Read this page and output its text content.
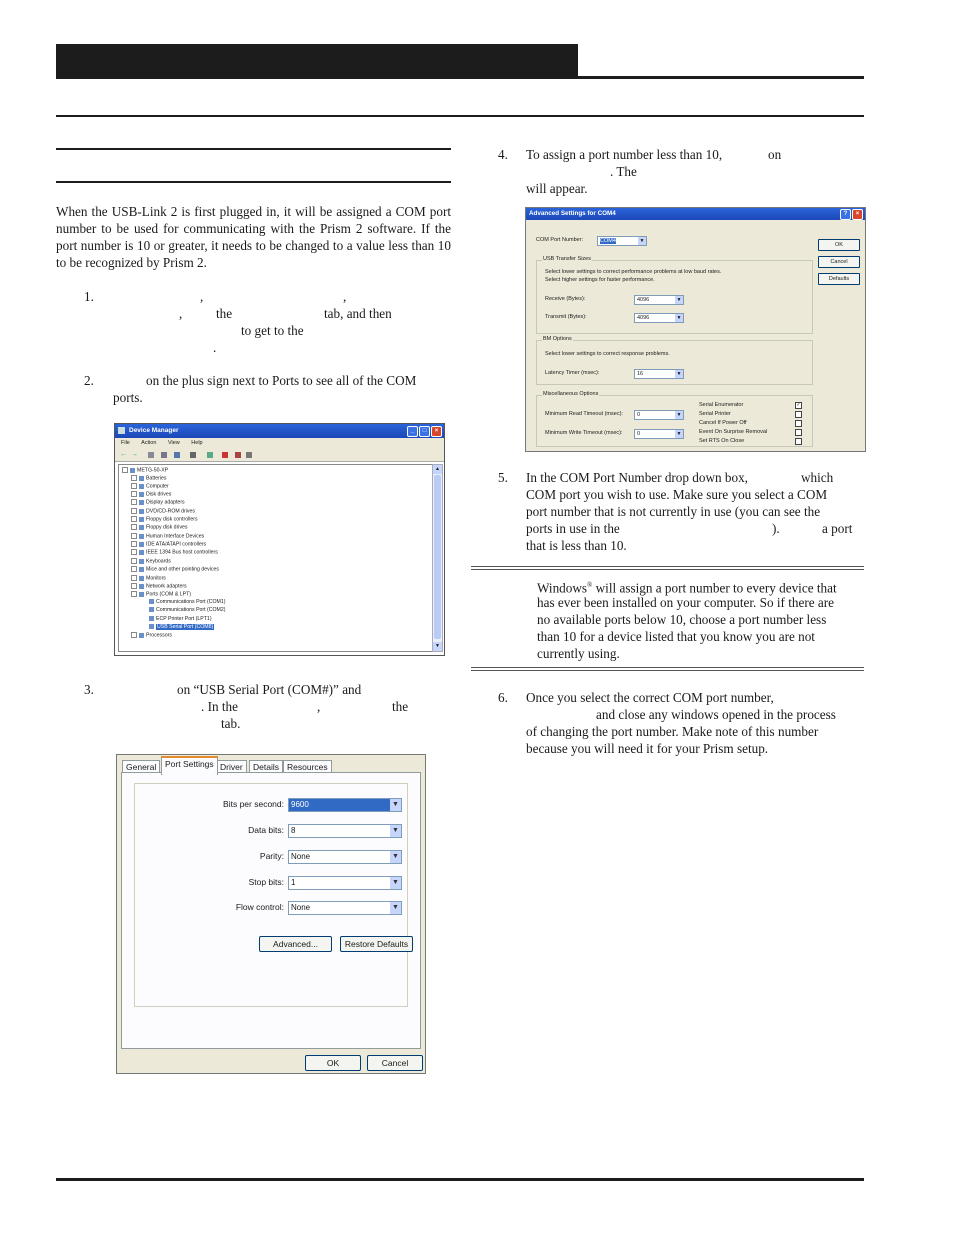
When the USB-Link 2 is first plugged in, it will be assigned a COM port number to be used for communicating with the Prism 2 software. If the port number is 10 or greater, it needs to be changed to a value less than 10 to be recognized by Prism 2.
1.	,	,
,	the	tab, and then
to get to the
.
2.	on the plus sign next to Ports to see all of the COM
ports.
Device Manager	_	□	×
File Action View Help
← →
METG-50-XP
Batteries
Computer
Disk drives
Display adapters
DVD/CD-ROM drives
Floppy disk controllers
Floppy disk drives
Human Interface Devices
IDE ATA/ATAPI controllers
IEEE 1394 Bus host controllers
Keyboards
Mice and other pointing devices
Monitors
Network adapters
Ports (COM & LPT)
Communications Port (COM1)
Communications Port (COM2)
ECP Printer Port (LPT1)
USB Serial Port (COM8)
Processors
▲
▼
3.	on “USB Serial Port (COM#)” and
. In the	,	the
tab.
General	Port Settings Driver	Details Resources
Bits per second: 9600	▼
Data bits: 8	▼
Parity: None	▼
Stop bits: 1	▼
Flow control: None	▼
Advanced...	Restore Defaults
OK	Cancel
4. To assign a port number less than 10,	on
. The
will appear.
Advanced Settings for COM4	?	×
COM Port Number:	COM4	▼
OK
Cancel
Defaults
USB Transfer Sizes
Select lower settings to correct performance problems at low baud rates.
Select higher settings for faster performance.
Receive (Bytes):	4096	▼
Transmit (Bytes):	4096	▼
BM Options
Select lower settings to correct response problems.
Latency Timer (msec):	16	▼
Miscellaneous Options
Minimum Read Timeout (msec):	0	▼
Minimum Write Timeout (msec):	0	▼
Serial Enumerator	✓
Serial Printer
Cancel If Power Off
Event On Surprise Removal
Set RTS On Close
5. In the COM Port Number drop down box,	which
COM port you wish to use. Make sure you select a COM
port number that is not currently in use (you can see the
ports in use in the	).	a port
that is less than 10.
Windows® will assign a port number to every device that
has ever been installed on your computer. So if there are
no available ports below 10, choose a port number less
than 10 for a device listed that you know you are not
currently using.
6. Once you select the correct COM port number,
and close any windows opened in the process
of changing the port number. Make note of this number
because you will need it for your Prism setup.
